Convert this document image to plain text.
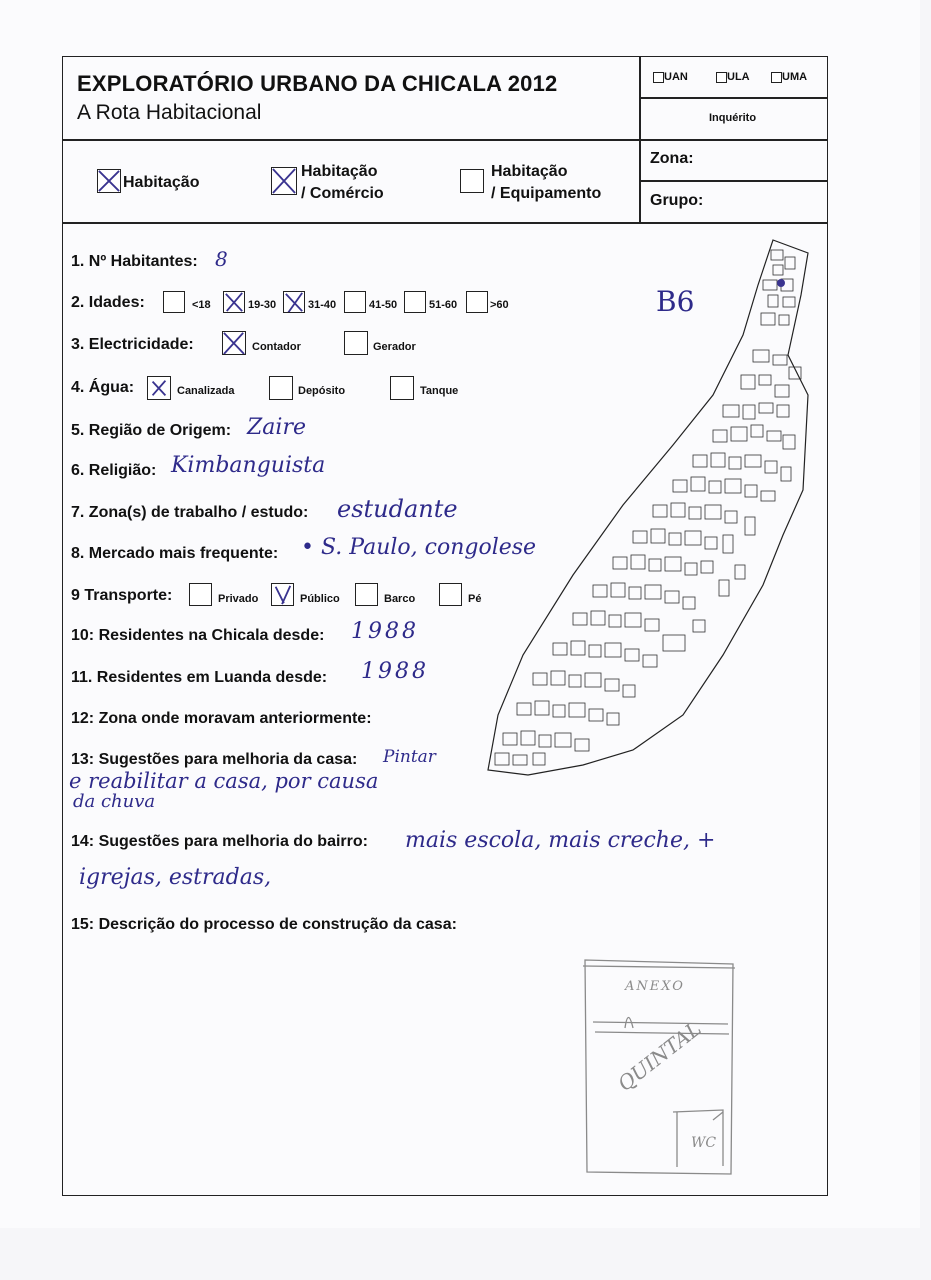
EXPLORATÓRIO URBANO DA CHICALA 2012
A Rota Habitacional
UAN	ULA	UMA
Inquérito
Zona:
Grupo:
Habitação
Habitação
/ Comércio
Habitação
/ Equipamento
1. Nº Habitantes: 8
2. Idades:	<18	19-30	31-40	41-50	51-60	>60
3. Electricidade:	Contador	Gerador
4. Água:	Canalizada	Depósito	Tanque
5. Região de Origem: Zaire
6. Religião: Kimbanguista
7. Zona(s) de trabalho / estudo: estudante
8. Mercado mais frequente: • S. Paulo, congolese
9 Transporte:	Privado	Público	Barco	Pé
10: Residentes na Chicala desde: 1988
11. Residentes em Luanda desde: 1988
12: Zona onde moravam anteriormente:
13: Sugestões para melhoria da casa: Pintar
e reabilitar a casa, por causa
da chuva
14: Sugestões para melhoria do bairro: mais escola, mais creche, +
igrejas, estradas,
15: Descrição do processo de construção da casa:
B6
ANEXO
QUINTAL
WC
